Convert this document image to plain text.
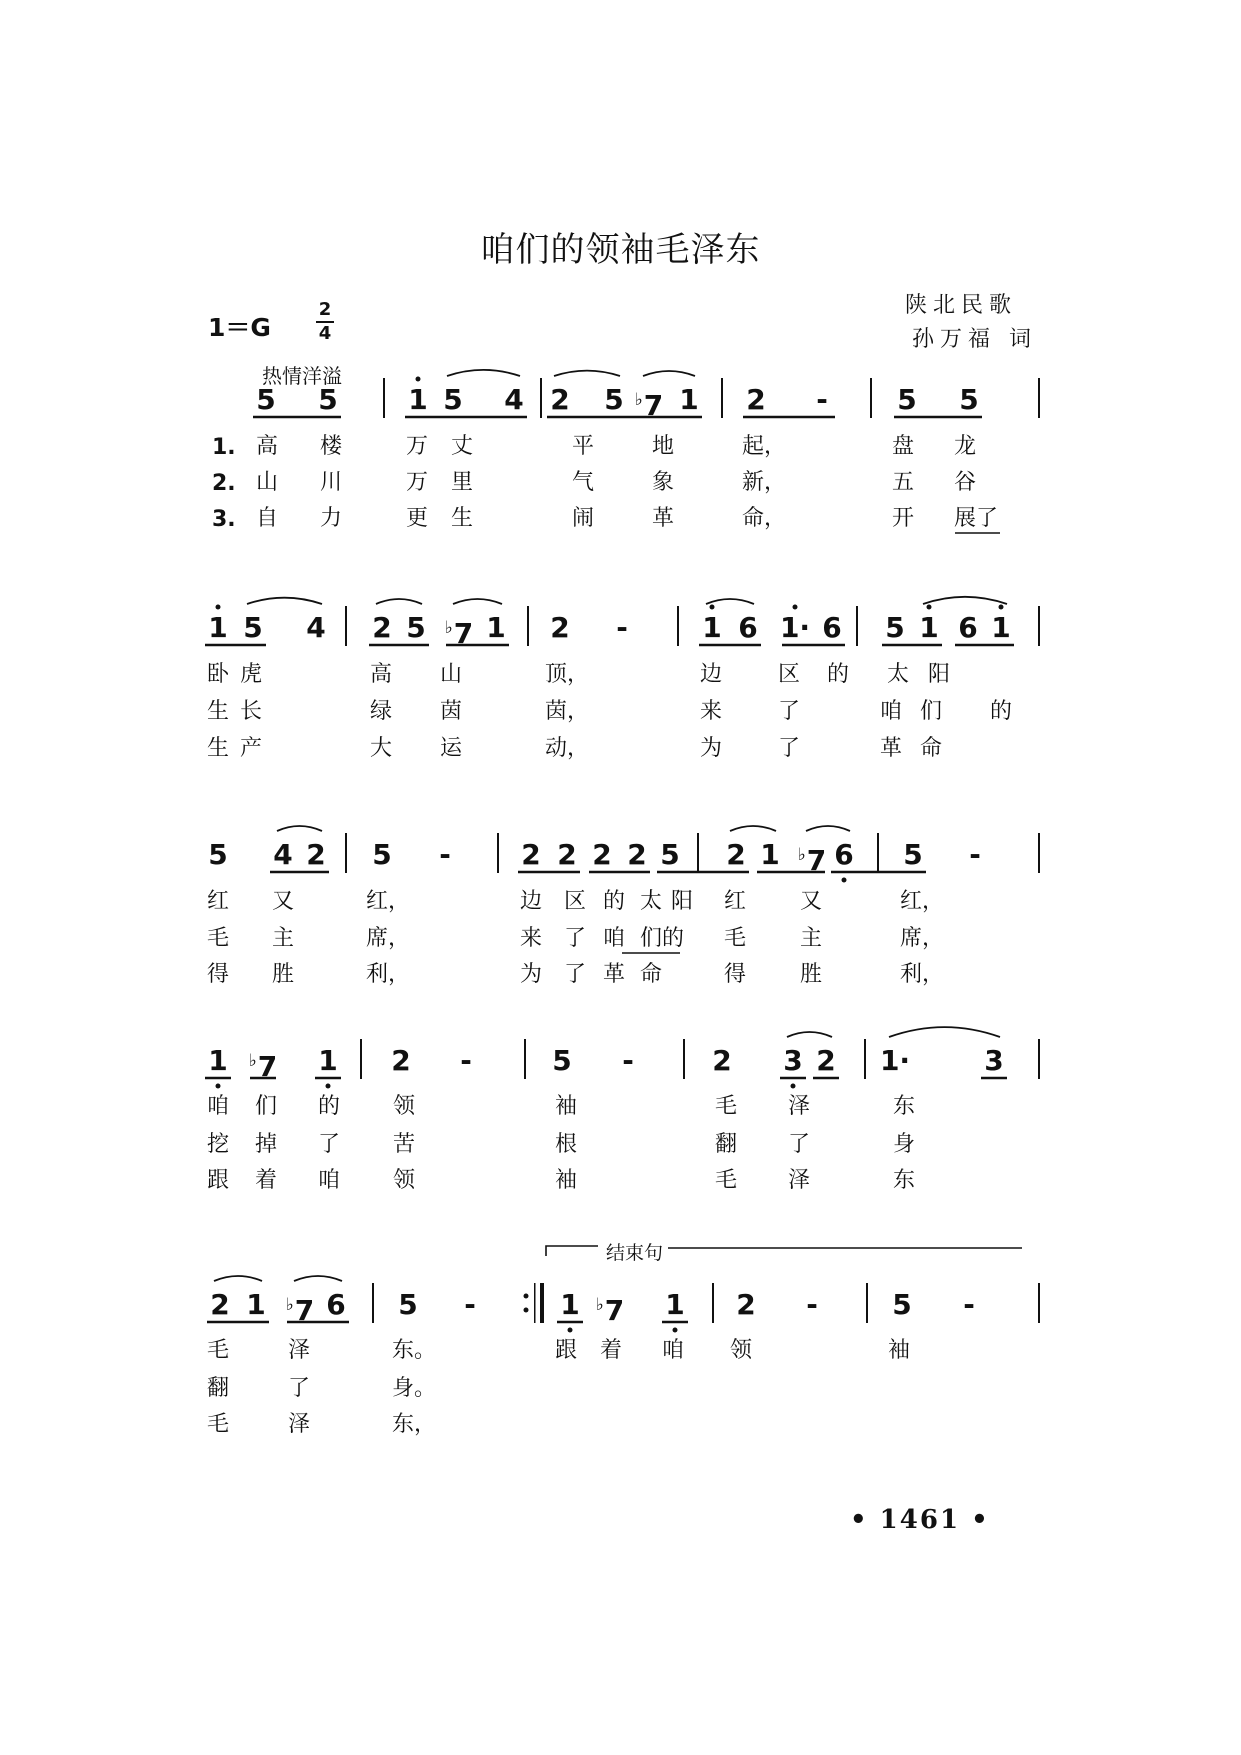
咱们的领袖毛泽东
陕北民歌
孙万福 词
1＝G
2
4
热情洋溢
结束句
• 1461 •
5 5	1 5 4 2 5 ♭7 1 2 - 5 5
高 楼	万 丈	平	地	起，	盘 龙
山 川	万 里	气	象	新，	五 谷
自 力	更 生	闹	革	命，	开 展了
1.
2.
3.
1 5 4 2 5 ♭7 1 2 -	1 6 1· 6 5 1 6 1
卧 虎	高 山	顶，	边	区 的 太 阳
生 长	绿 茵	茵，	来	了	咱 们 的
生 产	大 运	动，	为	了	革 命
5 4 2 5 -	2 2 2 2 5 2 1 ♭7 6 5 -
红 又	红，	边 区 的 太 阳 红 又	红，
毛 主	席，	来 了 咱 们的 毛 主	席，
得 胜	利，	为 了 革 命	得 胜	利，
1 ♭7 1 2 -	5 -	2 3 2 1·	3
咱 们 的 领	袖	毛 泽	东
挖 掉 了 苦	根	翻 了	身
跟 着 咱 领	袖	毛 泽	东
2 1 ♭7 6 5 -	1 ♭7 1 2 -	5 -
毛	泽	东。	跟 着 咱 领	袖
翻	了	身。
毛	泽	东，
